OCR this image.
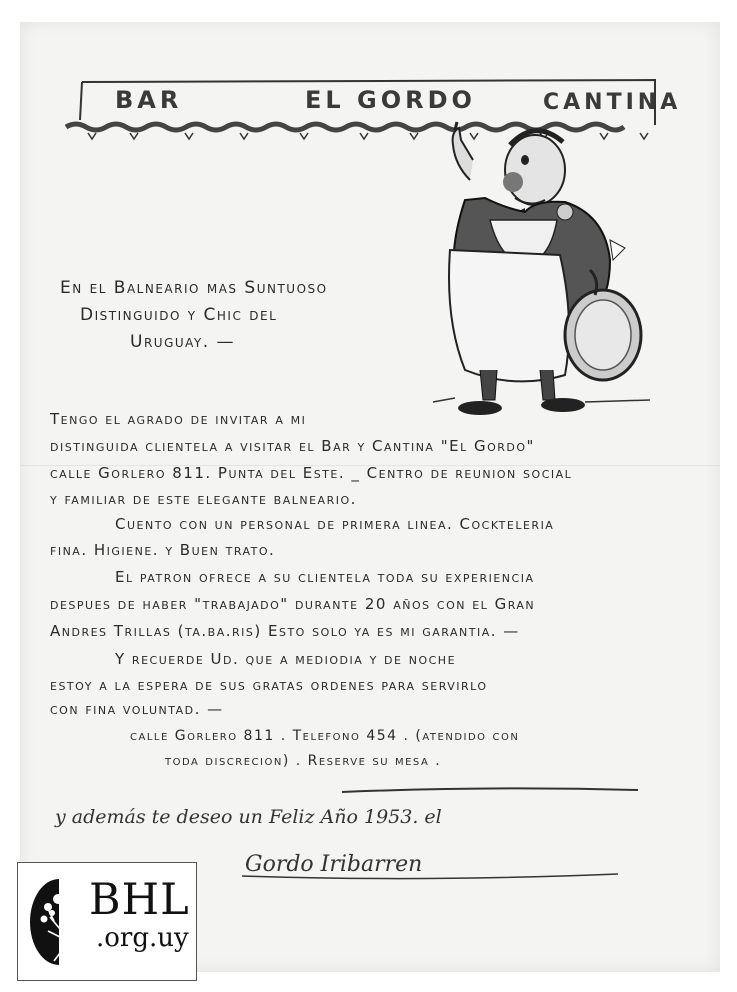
BAR	EL GORDO	CANTINA
En el Balneario mas Suntuoso
Distinguido y Chic del
Uruguay. —
Tengo el agrado de invitar a mi
distinguida clientela a visitar el Bar y Cantina "El Gordo"
calle Gorlero 811. Punta del Este. _ Centro de reunion social
y familiar de este elegante balneario.
Cuento con un personal de primera linea. Cockteleria
fina. Higiene. y Buen trato.
El patron ofrece a su clientela toda su experiencia
despues de haber "trabajado" durante 20 años con el Gran
Andres Trillas (ta.ba.ris) Esto solo ya es mi garantia. —
Y recuerde Ud. que a mediodia y de noche
estoy a la espera de sus gratas ordenes para servirlo
con fina voluntad. —
calle Gorlero 811 . Telefono 454 . (atendido con
toda discrecion) . Reserve su mesa .
y además te deseo un Feliz Año 1953. el
Gordo Iribarren
BHL
.org.uy
